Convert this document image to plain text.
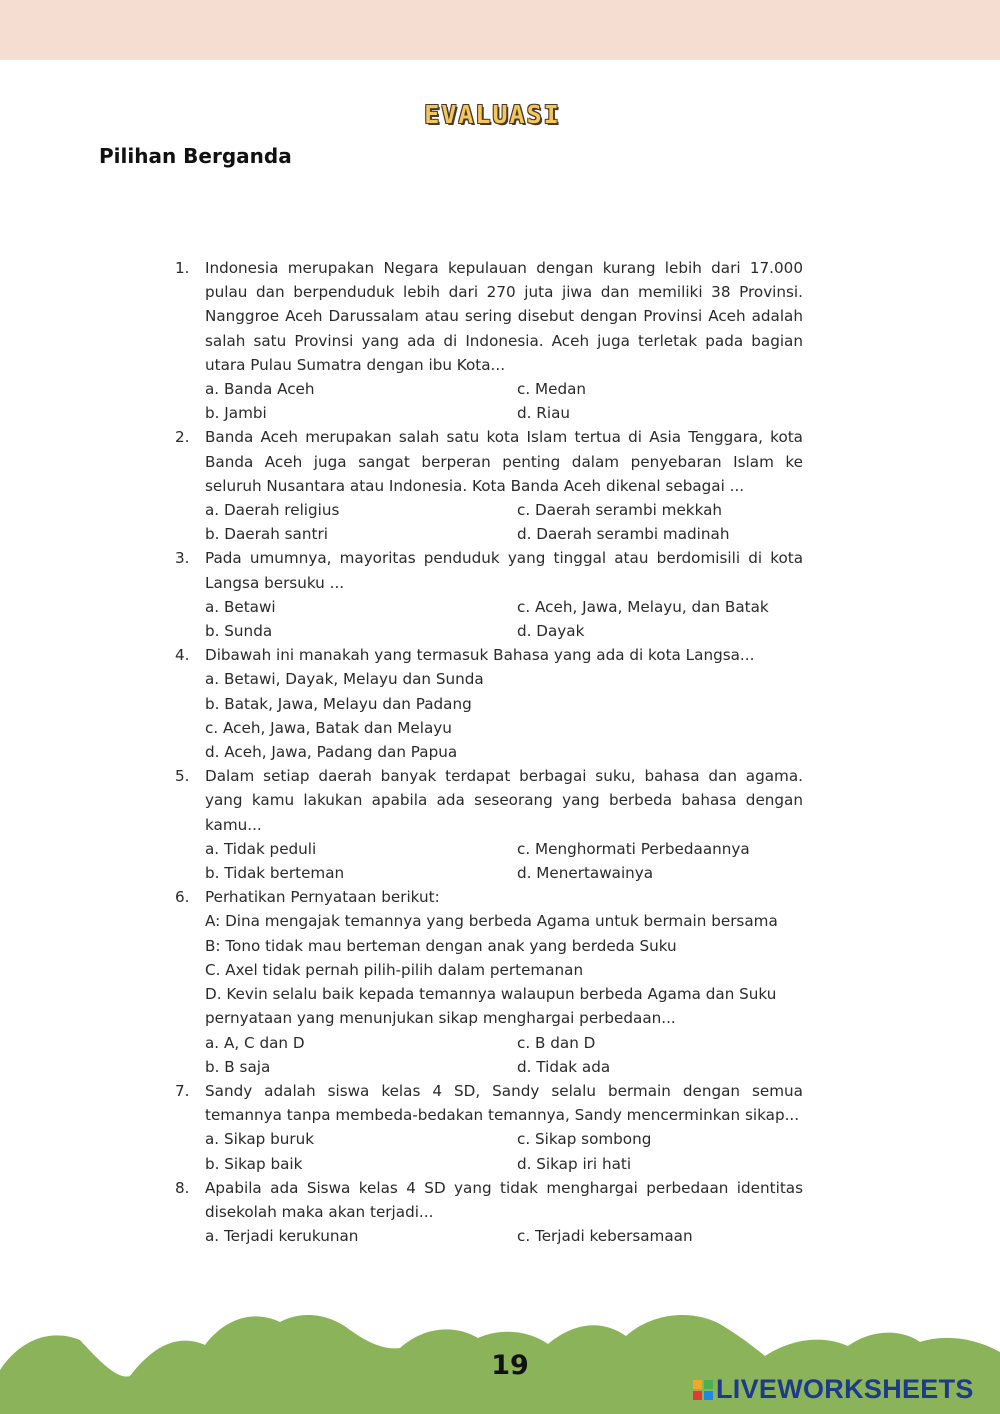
EVALUASI
Pilihan Berganda
1.	Indonesia merupakan Negara kepulauan dengan kurang lebih dari 17.000 pulau dan berpenduduk lebih dari 270 juta jiwa dan memiliki 38 Provinsi. Nanggroe Aceh Darussalam atau sering disebut dengan Provinsi Aceh adalah salah satu Provinsi yang ada di Indonesia. Aceh juga terletak pada bagian utara Pulau Sumatra dengan ibu Kota...
a. Banda Aceh	c. Medan
b. Jambi	d. Riau
2.	Banda Aceh merupakan salah satu kota Islam tertua di Asia Tenggara, kota Banda Aceh juga sangat berperan penting dalam penyebaran Islam ke seluruh Nusantara atau Indonesia. Kota Banda Aceh dikenal sebagai ...
a. Daerah religius	c. Daerah serambi mekkah
b. Daerah santri	d. Daerah serambi madinah
3.	Pada umumnya, mayoritas penduduk yang tinggal atau berdomisili di kota Langsa bersuku ...
a. Betawi	c. Aceh, Jawa, Melayu, dan Batak
b. Sunda	d. Dayak
4.	Dibawah ini manakah yang termasuk Bahasa yang ada di kota Langsa...
a. Betawi, Dayak, Melayu dan Sunda
b. Batak, Jawa, Melayu dan Padang
c. Aceh, Jawa, Batak dan Melayu
d. Aceh, Jawa, Padang dan Papua
5.	Dalam setiap daerah banyak terdapat berbagai suku, bahasa dan agama. yang kamu lakukan apabila ada seseorang yang berbeda bahasa dengan kamu...
a. Tidak peduli	c. Menghormati Perbedaannya
b. Tidak berteman	d. Menertawainya
6.	Perhatikan Pernyataan berikut:
A: Dina mengajak temannya yang berbeda Agama untuk bermain bersama
B: Tono tidak mau berteman dengan anak yang berdeda Suku
C. Axel tidak pernah pilih-pilih dalam pertemanan
D. Kevin selalu baik kepada temannya walaupun berbeda Agama dan Suku
pernyataan yang menunjukan sikap menghargai perbedaan...
a. A, C dan D	c. B dan D
b. B saja	d. Tidak ada
7.	Sandy adalah siswa kelas 4 SD, Sandy selalu bermain dengan semua temannya tanpa membeda-bedakan temannya, Sandy mencerminkan sikap...
a. Sikap buruk	c. Sikap sombong
b. Sikap baik	d. Sikap iri hati
8.	Apabila ada Siswa kelas 4 SD yang tidak menghargai perbedaan identitas disekolah maka akan terjadi...
a. Terjadi kerukunan	c. Terjadi kebersamaan
19
LIVEWORKSHEETS
